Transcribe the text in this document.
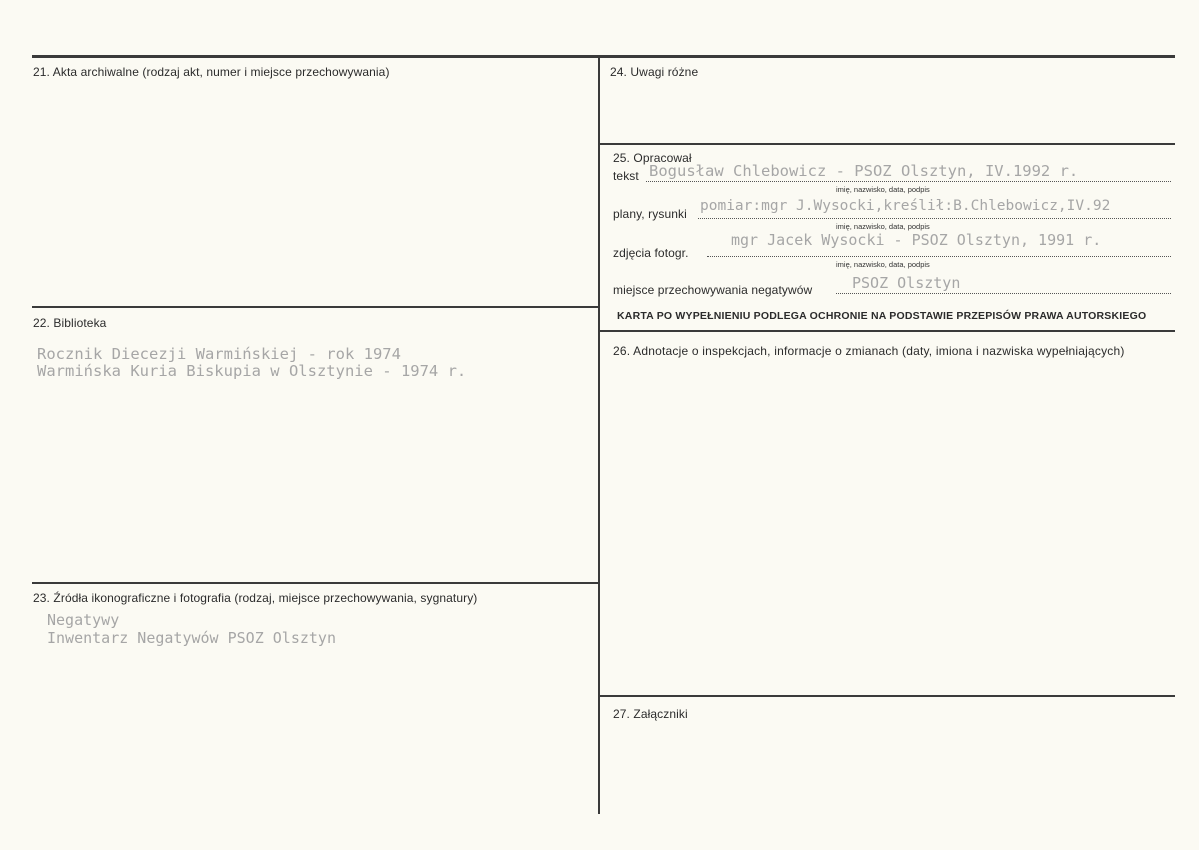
21. Akta archiwalne (rodzaj akt, numer i miejsce przechowywania)
22. Biblioteka
Rocznik Diecezji Warmińskiej - rok 1974
Warmińska Kuria Biskupia w Olsztynie - 1974 r.
23. Źródła ikonograficzne i fotografia (rodzaj, miejsce przechowywania, sygnatury)
Negatywy
Inwentarz Negatywów PSOZ Olsztyn
24. Uwagi różne
25. Opracował
tekst Bogusław Chlebowicz - PSOZ Olsztyn, IV.1992 r.
imię, nazwisko, data, podpis
plany, rysunki pomiar:mgr J.Wysocki,kreślił:B.Chlebowicz,IV.92
imię, nazwisko, data, podpis
zdjęcia fotogr.
mgr Jacek Wysocki - PSOZ Olsztyn, 1991 r.
imię, nazwisko, data, podpis
miejsce przechowywania negatywów	PSOZ Olsztyn
KARTA PO WYPEŁNIENIU PODLEGA OCHRONIE NA PODSTAWIE PRZEPISÓW PRAWA AUTORSKIEGO
26. Adnotacje o inspekcjach, informacje o zmianach (daty, imiona i nazwiska wypełniających)
27. Załączniki
